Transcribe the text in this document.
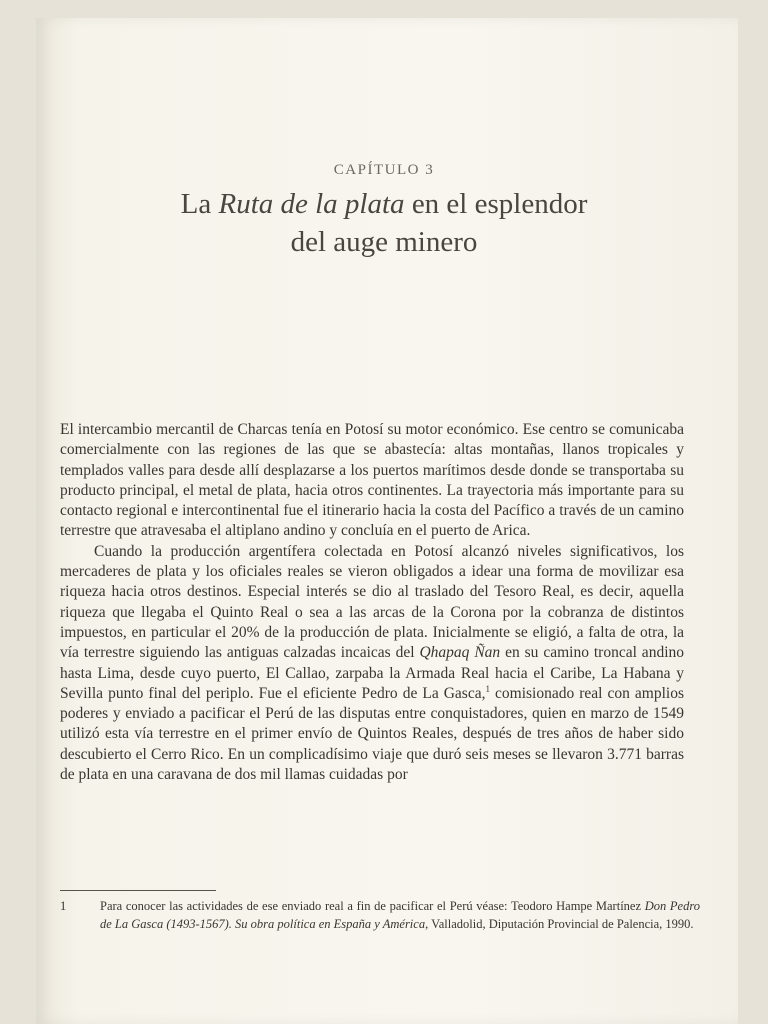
CAPÍTULO 3
La Ruta de la plata en el esplendor
del auge minero

El intercambio mercantil de Charcas tenía en Potosí su motor económico. Ese centro se comunicaba comercialmente con las regiones de las que se abastecía: altas montañas, llanos tropicales y templados valles para desde allí desplazarse a los puertos marítimos desde donde se transportaba su producto principal, el metal de plata, hacia otros continentes. La trayectoria más importante para su contacto regional e intercontinental fue el itinerario hacia la costa del Pacífico a través de un camino terrestre que atravesaba el altiplano andino y concluía en el puerto de Arica.

Cuando la producción argentífera colectada en Potosí alcanzó niveles significativos, los mercaderes de plata y los oficiales reales se vieron obligados a idear una forma de movilizar esa riqueza hacia otros destinos. Especial interés se dio al traslado del Tesoro Real, es decir, aquella riqueza que llegaba el Quinto Real o sea a las arcas de la Corona por la cobranza de distintos impuestos, en particular el 20% de la producción de plata. Inicialmente se eligió, a falta de otra, la vía terrestre siguiendo las antiguas calzadas incaicas del Qhapaq Ñan en su camino troncal andino hasta Lima, desde cuyo puerto, El Callao, zarpaba la Armada Real hacia el Caribe, La Habana y Sevilla punto final del periplo. Fue el eficiente Pedro de La Gasca,$^1$ comisionado real con amplios poderes y enviado a pacificar el Perú de las disputas entre conquistadores, quien en marzo de 1549 utilizó esta vía terrestre en el primer envío de Quintos Reales, después de tres años de haber sido descubierto el Cerro Rico. En un complicadísimo viaje que duró seis meses se llevaron 3.771 barras de plata en una caravana de dos mil llamas cuidadas por

1	Para conocer las actividades de ese enviado real a fin de pacificar el Perú véase: Teodoro Hampe Martínez Don Pedro de La Gasca (1493-1567). Su obra política en España y América, Valladolid, Diputación Provincial de Palencia, 1990.
